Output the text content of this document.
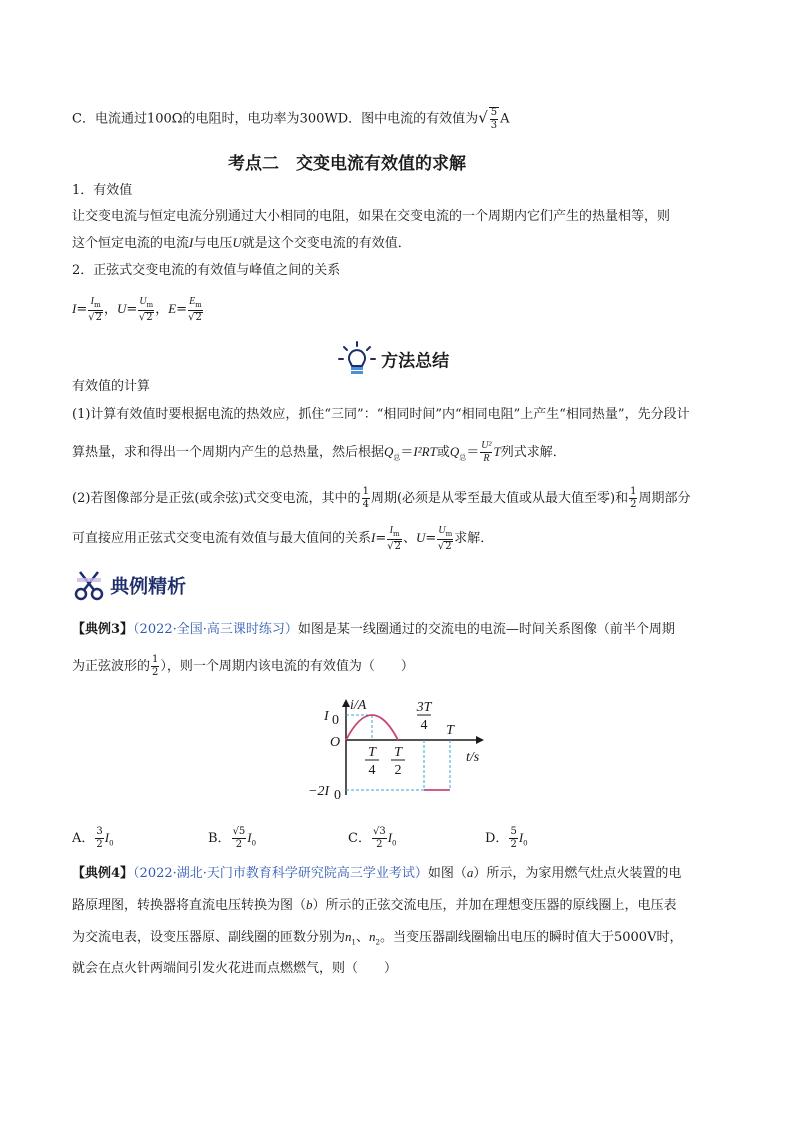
C．电流通过100Ω的电阻时，电功率为300WD．图中电流的有效值为√ $\frac{5}{3}$ A
考点二　交变电流有效值的求解
1．有效值
让交变电流与恒定电流分别通过大小相同的电阻，如果在交变电流的一个周期内它们产生的热量相等，则
这个恒定电流的电流I与电压U就是这个交变电流的有效值．
2．正弦式交变电流的有效值与峰值之间的关系
$I= \frac{I_m}{√2}$ ，$U= \frac{U_m}{√2}$ ，$E= \frac{E_m}{√2}$
方法总结
有效值的计算
(1)计算有效值时要根据电流的热效应，抓住“三同”：“相同时间”内“相同电阻”上产生“相同热量”，先分段计
算热量，求和得出一个周期内产生的总热量，然后根据$Q_总=I^2RT$或$Q_总= \frac{\text{U²}}{R}$ T列式求解．
(2)若图像部分是正弦(或余弦)式交变电流，其中的 $\frac{1}{4}$ 周期(必须是从零至最大值或从最大值至零)和 $\frac{1}{2}$ 周期部分
可直接应用正弦式交变电流有效值与最大值间的关系$I= \frac{I_m}{√2}$ 、$U= \frac{U_m}{√2}$ 求解．
典例精析
【典例3】（2022·全国·高三课时练习）如图是某一线圈通过的交流电的电流—时间关系图像（前半个周期
为正弦波形的 $\frac{1}{2}$ ），则一个周期内该电流的有效值为（　　）
i/A
t/s
I 0
O
−2I 0
T
4
T
2
3T
4 T
A． $\frac{3}{2} I_0$	B． $\frac{√5}{2} I_0$	C． $\frac{√3}{2} I_0$	D． $\frac{5}{2} I_0$
【典例4】（2022·湖北·天门市教育科学研究院高三学业考试）如图（a）所示，为家用燃气灶点火装置的电
路原理图，转换器将直流电压转换为图（b）所示的正弦交流电压，并加在理想变压器的原线圈上，电压表
为交流电表，设变压器原、副线圈的匝数分别为$n_1$、$n_2$。当变压器副线圈输出电压的瞬时值大于5000V时，
就会在点火针两端间引发火花进而点燃燃气，则（　　）
